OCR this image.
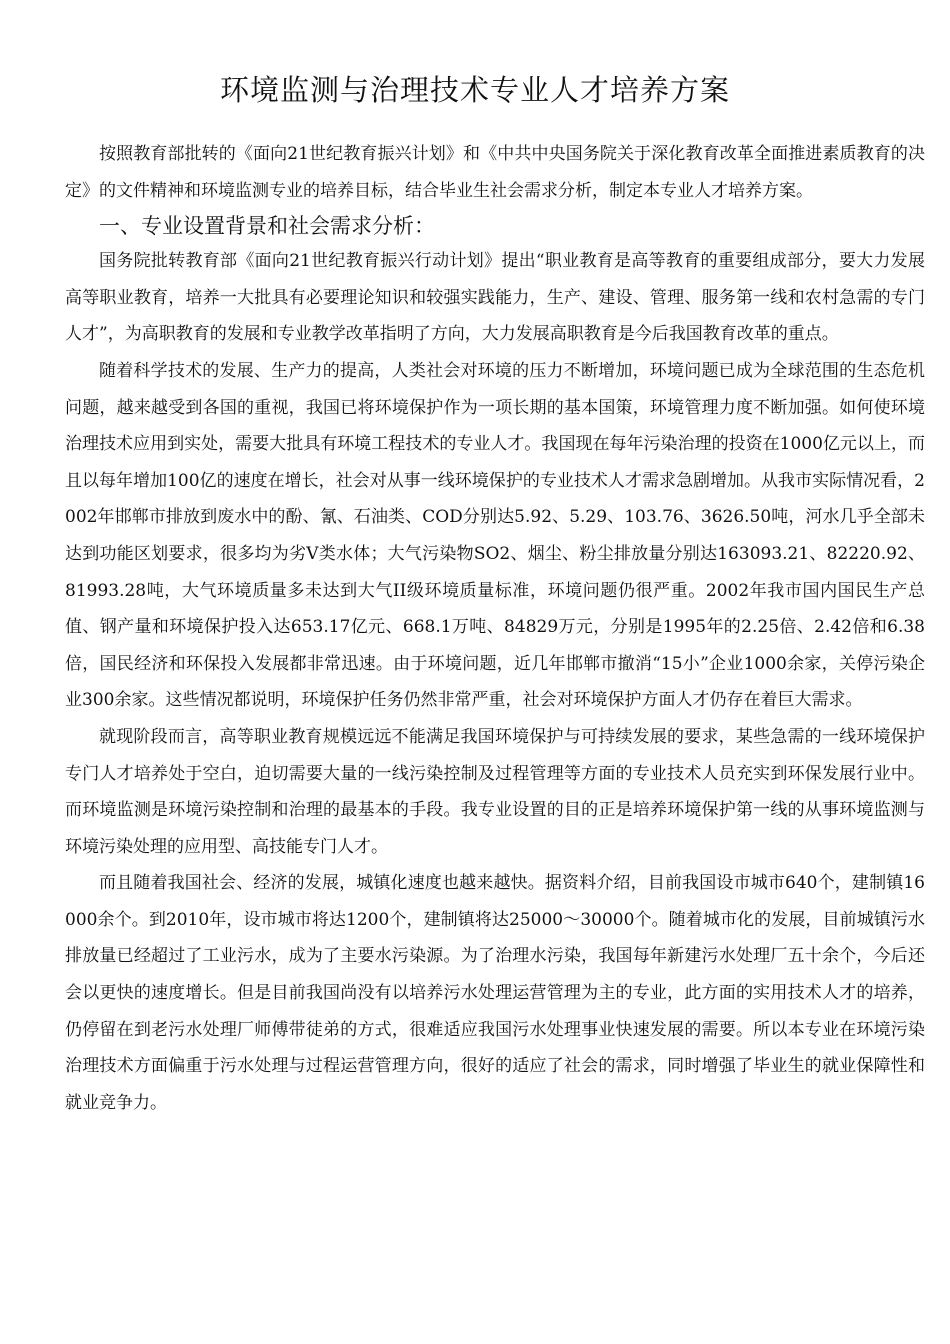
环境监测与治理技术专业人才培养方案

按照教育部批转的《面向21世纪教育振兴计划》和《中共中央国务院关于深化教育改革全面推进素质教育的决定》的文件精神和环境监测专业的培养目标，结合毕业生社会需求分析，制定本专业人才培养方案。

一、专业设置背景和社会需求分析：

国务院批转教育部《面向21世纪教育振兴行动计划》提出“职业教育是高等教育的重要组成部分，要大力发展高等职业教育，培养一大批具有必要理论知识和较强实践能力，生产、建设、管理、服务第一线和农村急需的专门人才”，为高职教育的发展和专业教学改革指明了方向，大力发展高职教育是今后我国教育改革的重点。

随着科学技术的发展、生产力的提高，人类社会对环境的压力不断增加，环境问题已成为全球范围的生态危机问题，越来越受到各国的重视，我国已将环境保护作为一项长期的基本国策，环境管理力度不断加强。如何使环境治理技术应用到实处，需要大批具有环境工程技术的专业人才。我国现在每年污染治理的投资在1000亿元以上，而且以每年增加100亿的速度在增长，社会对从事一线环境保护的专业技术人才需求急剧增加。从我市实际情况看，2002年邯郸市排放到废水中的酚、氰、石油类、COD分别达5.92、5.29、103.76、3626.50吨，河水几乎全部未达到功能区划要求，很多均为劣V类水体；大气污染物SO2、烟尘、粉尘排放量分别达163093.21、82220.92、81993.28吨，大气环境质量多未达到大气II级环境质量标准，环境问题仍很严重。2002年我市国内国民生产总值、钢产量和环境保护投入达653.17亿元、668.1万吨、84829万元，分别是1995年的2.25倍、2.42倍和6.38倍，国民经济和环保投入发展都非常迅速。由于环境问题，近几年邯郸市撤消“15小”企业1000余家，关停污染企业300余家。这些情况都说明，环境保护任务仍然非常严重，社会对环境保护方面人才仍存在着巨大需求。

就现阶段而言，高等职业教育规模远远不能满足我国环境保护与可持续发展的要求，某些急需的一线环境保护专门人才培养处于空白，迫切需要大量的一线污染控制及过程管理等方面的专业技术人员充实到环保发展行业中。而环境监测是环境污染控制和治理的最基本的手段。我专业设置的目的正是培养环境保护第一线的从事环境监测与环境污染处理的应用型、高技能专门人才。

而且随着我国社会、经济的发展，城镇化速度也越来越快。据资料介绍，目前我国设市城市640个，建制镇16000余个。到2010年，设市城市将达1200个，建制镇将达25000～30000个。随着城市化的发展，目前城镇污水排放量已经超过了工业污水，成为了主要水污染源。为了治理水污染，我国每年新建污水处理厂五十余个，今后还会以更快的速度增长。但是目前我国尚没有以培养污水处理运营管理为主的专业，此方面的实用技术人才的培养，仍停留在到老污水处理厂师傅带徒弟的方式，很难适应我国污水处理事业快速发展的需要。所以本专业在环境污染治理技术方面偏重于污水处理与过程运营管理方向，很好的适应了社会的需求，同时增强了毕业生的就业保障性和就业竞争力。
